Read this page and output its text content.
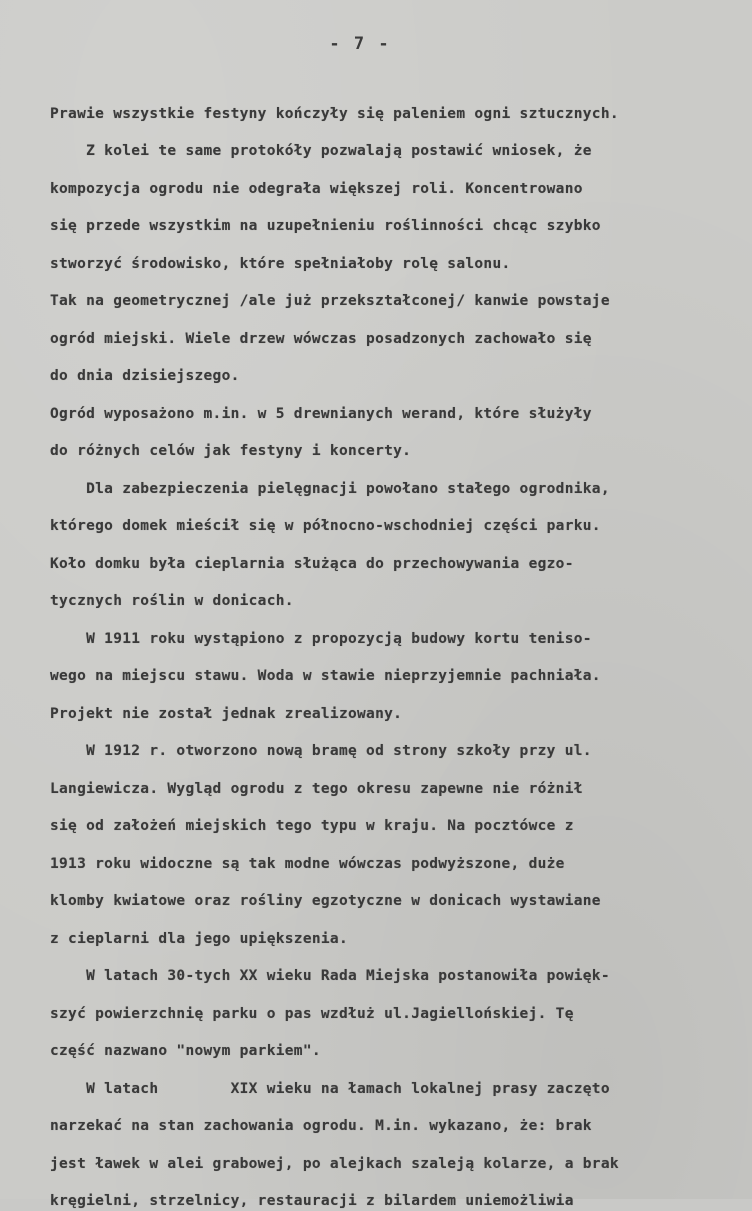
- 7 -
Prawie wszystkie festyny kończyły się paleniem ogni sztucznych.
Z kolei te same protokóły pozwalają postawić wniosek, że
kompozycja ogrodu nie odegrała większej roli. Koncentrowano
się przede wszystkim na uzupełnieniu roślinności chcąc szybko
stworzyć środowisko, które spełniałoby rolę salonu.
Tak na geometrycznej /ale już przekształconej/ kanwie powstaje
ogród miejski. Wiele drzew wówczas posadzonych zachowało się
do dnia dzisiejszego.
Ogród wyposażono m.in. w 5 drewnianych werand, które służyły
do różnych celów jak festyny i koncerty.
Dla zabezpieczenia pielęgnacji powołano stałego ogrodnika,
którego domek mieścił się w północno-wschodniej części parku.
Koło domku była cieplarnia służąca do przechowywania egzo-
tycznych roślin w donicach.
W 1911 roku wystąpiono z propozycją budowy kortu teniso-
wego na miejscu stawu. Woda w stawie nieprzyjemnie pachniała.
Projekt nie został jednak zrealizowany.
W 1912 r. otworzono nową bramę od strony szkoły przy ul.
Langiewicza. Wygląd ogrodu z tego okresu zapewne nie różnił
się od założeń miejskich tego typu w kraju. Na pocztówce z
1913 roku widoczne są tak modne wówczas podwyższone, duże
klomby kwiatowe oraz rośliny egzotyczne w donicach wystawiane
z cieplarni dla jego upiększenia.
W latach 30-tych XX wieku Rada Miejska postanowiła powięk-
szyć powierzchnię parku o pas wzdłuż ul.Jagiellońskiej. Tę
część nazwano "nowym parkiem".
W latach        XIX wieku na łamach lokalnej prasy zaczęto
narzekać na stan zachowania ogrodu. M.in. wykazano, że: brak
jest ławek w alei grabowej, po alejkach szaleją kolarze, a brak
kręgielni, strzelnicy, restauracji z bilardem uniemożliwia
